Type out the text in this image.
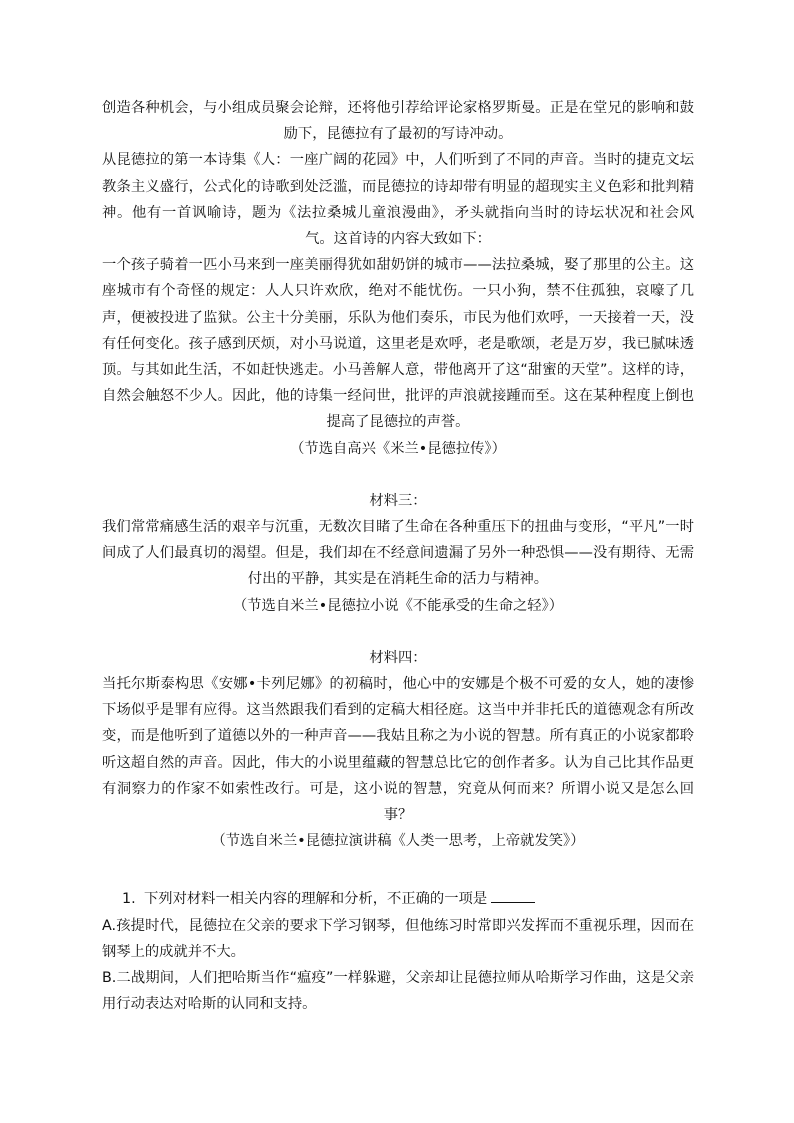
创造各种机会，与小组成员聚会论辩，还将他引荐给评论家格罗斯曼。正是在堂兄的影响和鼓励下，昆德拉有了最初的写诗冲动。

从昆德拉的第一本诗集《人：一座广阔的花园》中，人们听到了不同的声音。当时的捷克文坛教条主义盛行，公式化的诗歌到处泛滥，而昆德拉的诗却带有明显的超现实主义色彩和批判精神。他有一首讽喻诗，题为《法拉桑城儿童浪漫曲》，矛头就指向当时的诗坛状况和社会风气。这首诗的内容大致如下：

一个孩子骑着一匹小马来到一座美丽得犹如甜奶饼的城市——法拉桑城，娶了那里的公主。这座城市有个奇怪的规定：人人只许欢欣，绝对不能忧伤。一只小狗，禁不住孤独，哀嚎了几声，便被投进了监狱。公主十分美丽，乐队为他们奏乐，市民为他们欢呼，一天接着一天，没有任何变化。孩子感到厌烦，对小马说道，这里老是欢呼，老是歌颂，老是万岁，我已腻味透顶。与其如此生活，不如赶快逃走。小马善解人意，带他离开了这“甜蜜的天堂”。这样的诗，自然会触怒不少人。因此，他的诗集一经问世，批评的声浪就接踵而至。这在某种程度上倒也提高了昆德拉的声誉。

（节选自高兴《米兰•昆德拉传》）

材料三：

我们常常痛感生活的艰辛与沉重，无数次目睹了生命在各种重压下的扭曲与变形，“平凡”一时间成了人们最真切的渴望。但是，我们却在不经意间遗漏了另外一种恐惧——没有期待、无需付出的平静，其实是在消耗生命的活力与精神。

（节选自米兰•昆德拉小说《不能承受的生命之轻》）

材料四：

当托尔斯泰构思《安娜•卡列尼娜》的初稿时，他心中的安娜是个极不可爱的女人，她的凄惨下场似乎是罪有应得。这当然跟我们看到的定稿大相径庭。这当中并非托氏的道德观念有所改变，而是他听到了道德以外的一种声音——我姑且称之为小说的智慧。所有真正的小说家都聆听这超自然的声音。因此，伟大的小说里蕴藏的智慧总比它的创作者多。认为自己比其作品更有洞察力的作家不如索性改行。可是，这小说的智慧，究竟从何而来？所谓小说又是怎么回事？

（节选自米兰•昆德拉演讲稿《人类一思考，上帝就发笑》）

1. 下列对材料一相关内容的理解和分析，不正确的一项是

A.孩提时代，昆德拉在父亲的要求下学习钢琴，但他练习时常即兴发挥而不重视乐理，因而在钢琴上的成就并不大。

B.二战期间，人们把哈斯当作“瘟疫”一样躲避，父亲却让昆德拉师从哈斯学习作曲，这是父亲用行动表达对哈斯的认同和支持。
